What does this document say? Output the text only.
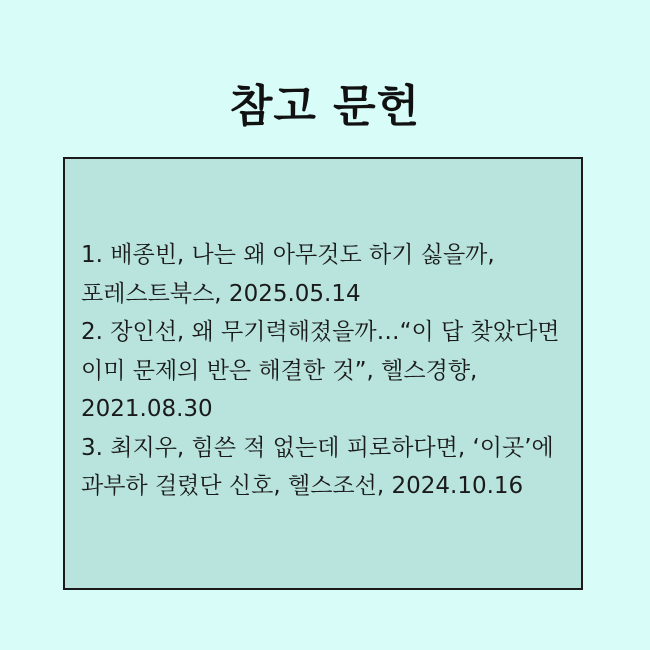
참고 문헌
1. 배종빈, 나는 왜 아무것도 하기 싫을까, 포레스트북스, 2025.05.14
2. 장인선, 왜 무기력해졌을까…“이 답 찾았다면 이미 문제의 반은 해결한 것”, 헬스경향, 2021.08.30
3. 최지우, 힘쓴 적 없는데 피로하다면, ‘이곳’에 과부하 걸렸단 신호, 헬스조선, 2024.10.16
